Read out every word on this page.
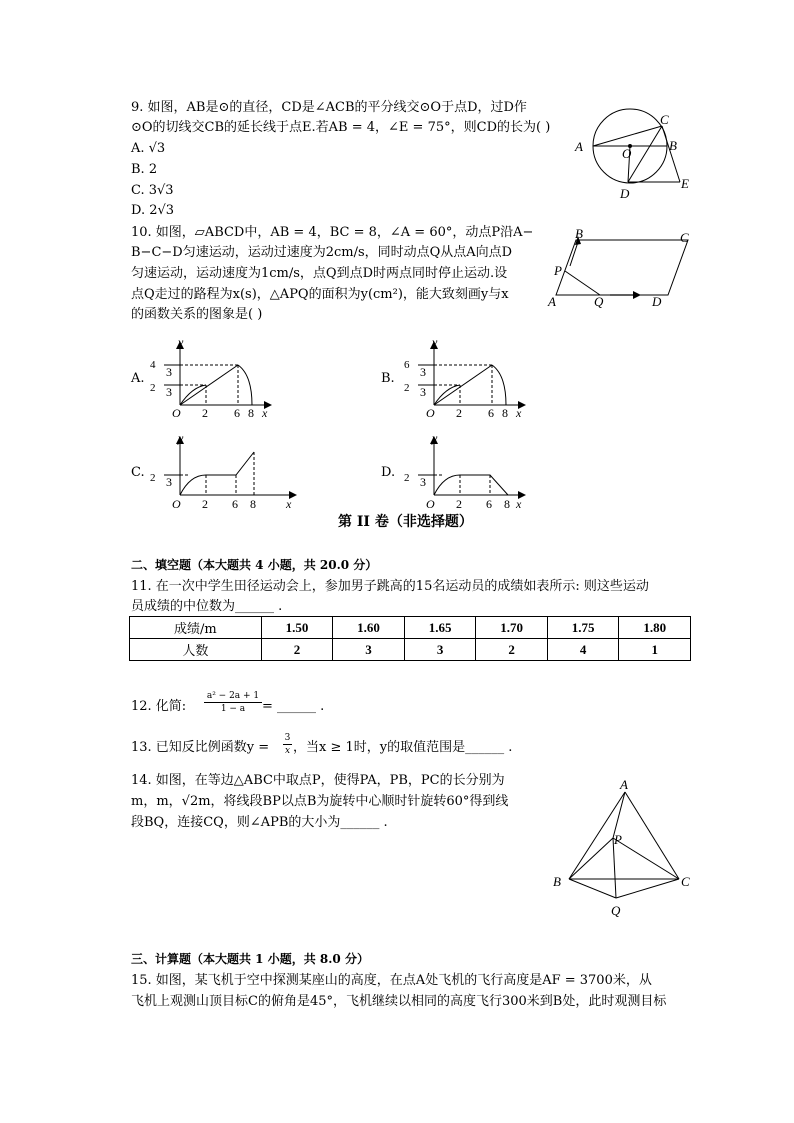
9. 如图，AB是⊙的直径，CD是∠ACB的平分线交⊙O于点D，过D作
⊙O的切线交CB的延长线于点E.若AB = 4，∠E = 75°，则CD的长为( )
A. √3
B. 2
C. 3√3
D. 2√3
A
C
B
O
D
E
10. 如图，▱ABCD中，AB = 4，BC = 8，∠A = 60°，动点P沿A−
B−C−D匀速运动，运动过速度为2cm/s，同时动点Q从点A向点D
匀速运动，运动速度为1cm/s，点Q到点D时两点同时停止运动.设
点Q走过的路程为x(s)，△APQ的面积为y(cm²)，能大致刻画y与x
的函数关系的图象是( )
A
B	C
D
P
Q
A.
4 3
2 3
y
O 2 6 8 x
B.
6 3
2 3
y
O 2 6 8 x
C. 2 3
y
O 2 6 8	x
D. 2 3
y
O 2 6 8 x
第 II 卷（非选择题）
二、填空题（本大题共 4 小题，共 20.0 分）
11. 在一次中学生田径运动会上，参加男子跳高的15名运动员的成绩如表所示: 则这些运动
员成绩的中位数为______ .
成绩/m	1.50	1.60	1.65	1.70	1.75	1.80
人数	2	3	3	2	4	1
12. 化简: $\frac{\text{a² − 2a + 1}}{1 - a}$ = ______ .
13. 已知反比例函数$y = \frac{3}{x}$ ，当x ≥ 1时，y的取值范围是______ .
14. 如图，在等边△ABC中取点P，使得PA，PB，PC的长分别为
m，m，√2m，将线段BP以点B为旋转中心顺时针旋转60°得到线
段BQ，连接CQ，则∠APB的大小为______ .
A
B	C
P
Q
三、计算题（本大题共 1 小题，共 8.0 分）
15. 如图，某飞机于空中探测某座山的高度，在点A处飞机的飞行高度是AF = 3700米，从
飞机上观测山顶目标C的俯角是45°，飞机继续以相同的高度飞行300米到B处，此时观测目标
